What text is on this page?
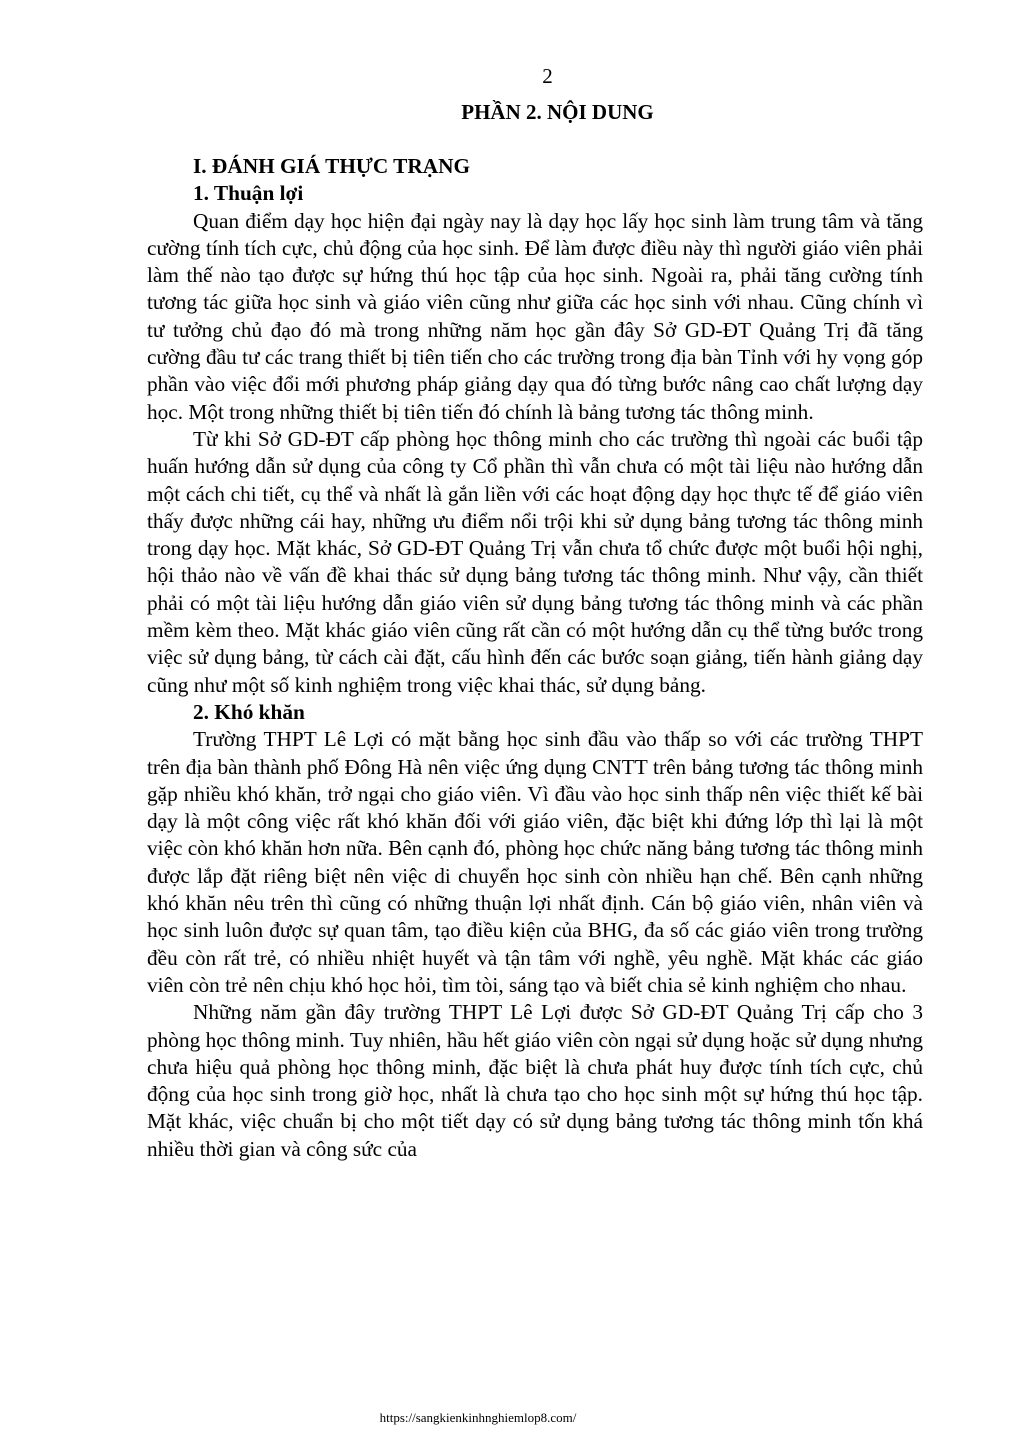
2
PHẦN 2. NỘI DUNG
I. ĐÁNH GIÁ THỰC TRẠNG
1. Thuận lợi

Quan điểm dạy học hiện đại ngày nay là dạy học lấy học sinh làm trung tâm và tăng cường tính tích cực, chủ động của học sinh. Để làm được điều này thì người giáo viên phải làm thế nào tạo được sự hứng thú học tập của học sinh. Ngoài ra, phải tăng cường tính tương tác giữa học sinh và giáo viên cũng như giữa các học sinh với nhau. Cũng chính vì tư tưởng chủ đạo đó mà trong những năm học gần đây Sở GD-ĐT Quảng Trị đã tăng cường đầu tư các trang thiết bị tiên tiến cho các trường trong địa bàn Tỉnh với hy vọng góp phần vào việc đổi mới phương pháp giảng dạy qua đó từng bước nâng cao chất lượng dạy học. Một trong những thiết bị tiên tiến đó chính là bảng tương tác thông minh.

Từ khi Sở GD-ĐT cấp phòng học thông minh cho các trường thì ngoài các buổi tập huấn hướng dẫn sử dụng của công ty Cổ phần thì vẫn chưa có một tài liệu nào hướng dẫn một cách chi tiết, cụ thể và nhất là gắn liền với các hoạt động dạy học thực tế để giáo viên thấy được những cái hay, những ưu điểm nổi trội khi sử dụng bảng tương tác thông minh trong dạy học. Mặt khác, Sở GD-ĐT Quảng Trị vẫn chưa tổ chức được một buổi hội nghị, hội thảo nào về vấn đề khai thác sử dụng bảng tương tác thông minh. Như vậy, cần thiết phải có một tài liệu hướng dẫn giáo viên sử dụng bảng tương tác thông minh và các phần mềm kèm theo. Mặt khác giáo viên cũng rất cần có một hướng dẫn cụ thể từng bước trong việc sử dụng bảng, từ cách cài đặt, cấu hình đến các bước soạn giảng, tiến hành giảng dạy cũng như một số kinh nghiệm trong việc khai thác, sử dụng bảng.

2. Khó khăn

Trường THPT Lê Lợi có mặt bằng học sinh đầu vào thấp so với các trường THPT trên địa bàn thành phố Đông Hà nên việc ứng dụng CNTT trên bảng tương tác thông minh gặp nhiều khó khăn, trở ngại cho giáo viên. Vì đầu vào học sinh thấp nên việc thiết kế bài dạy là một công việc rất khó khăn đối với giáo viên, đặc biệt khi đứng lớp thì lại là một việc còn khó khăn hơn nữa. Bên cạnh đó, phòng học chức năng bảng tương tác thông minh được lắp đặt riêng biệt nên việc di chuyển học sinh còn nhiều hạn chế. Bên cạnh những khó khăn nêu trên thì cũng có những thuận lợi nhất định. Cán bộ giáo viên, nhân viên và học sinh luôn được sự quan tâm, tạo điều kiện của BHG, đa số các giáo viên trong trường đều còn rất trẻ, có nhiều nhiệt huyết và tận tâm với nghề, yêu nghề. Mặt khác các giáo viên còn trẻ nên chịu khó học hỏi, tìm tòi, sáng tạo và biết chia sẻ kinh nghiệm cho nhau.

Những năm gần đây trường THPT Lê Lợi được Sở GD-ĐT Quảng Trị cấp cho 3 phòng học thông minh. Tuy nhiên, hầu hết giáo viên còn ngại sử dụng hoặc sử dụng nhưng chưa hiệu quả phòng học thông minh, đặc biệt là chưa phát huy được tính tích cực, chủ động của học sinh trong giờ học, nhất là chưa tạo cho học sinh một sự hứng thú học tập. Mặt khác, việc chuẩn bị cho một tiết dạy có sử dụng bảng tương tác thông minh tốn khá nhiều thời gian và công sức của

https://sangkienkinhnghiemlop8.com/
